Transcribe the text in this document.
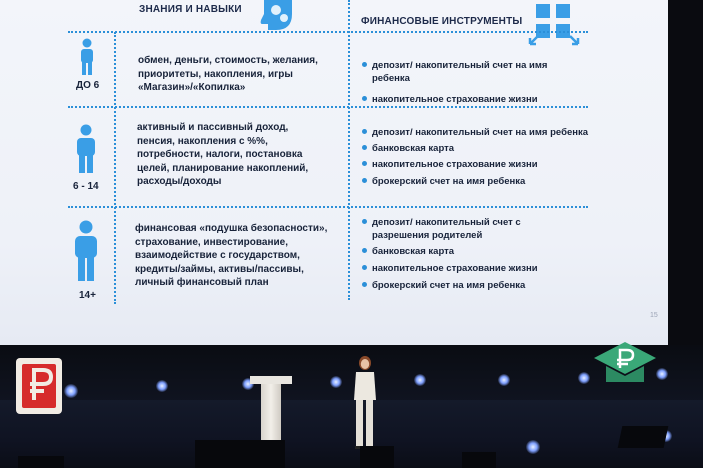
ЗНАНИЯ И НАВЫКИ
ФИНАНСОВЫЕ ИНСТРУМЕНТЫ
ДО 6
обмен, деньги, стоимость, желания,
приоритеты, накопления, игры
«Магазин»/«Копилка»
депозит/ накопительный счет на имя
ребенка
накопительное страхование жизни
6 - 14
активный и пассивный доход,
пенсия, накопления с %%,
потребности, налоги, постановка
целей, планирование накоплений,
расходы/доходы
депозит/ накопительный счет на имя ребенка
банковская карта
накопительное страхование жизни
брокерский счет на имя ребенка
14+
финансовая «подушка безопасности»,
страхование, инвестирование,
взаимодействие с государством,
кредиты/займы, активы/пассивы,
личный финансовый план
депозит/ накопительный счет с
разрешения родителей
банковская карта
накопительное страхование жизни
брокерский счет на имя ребенка
15
